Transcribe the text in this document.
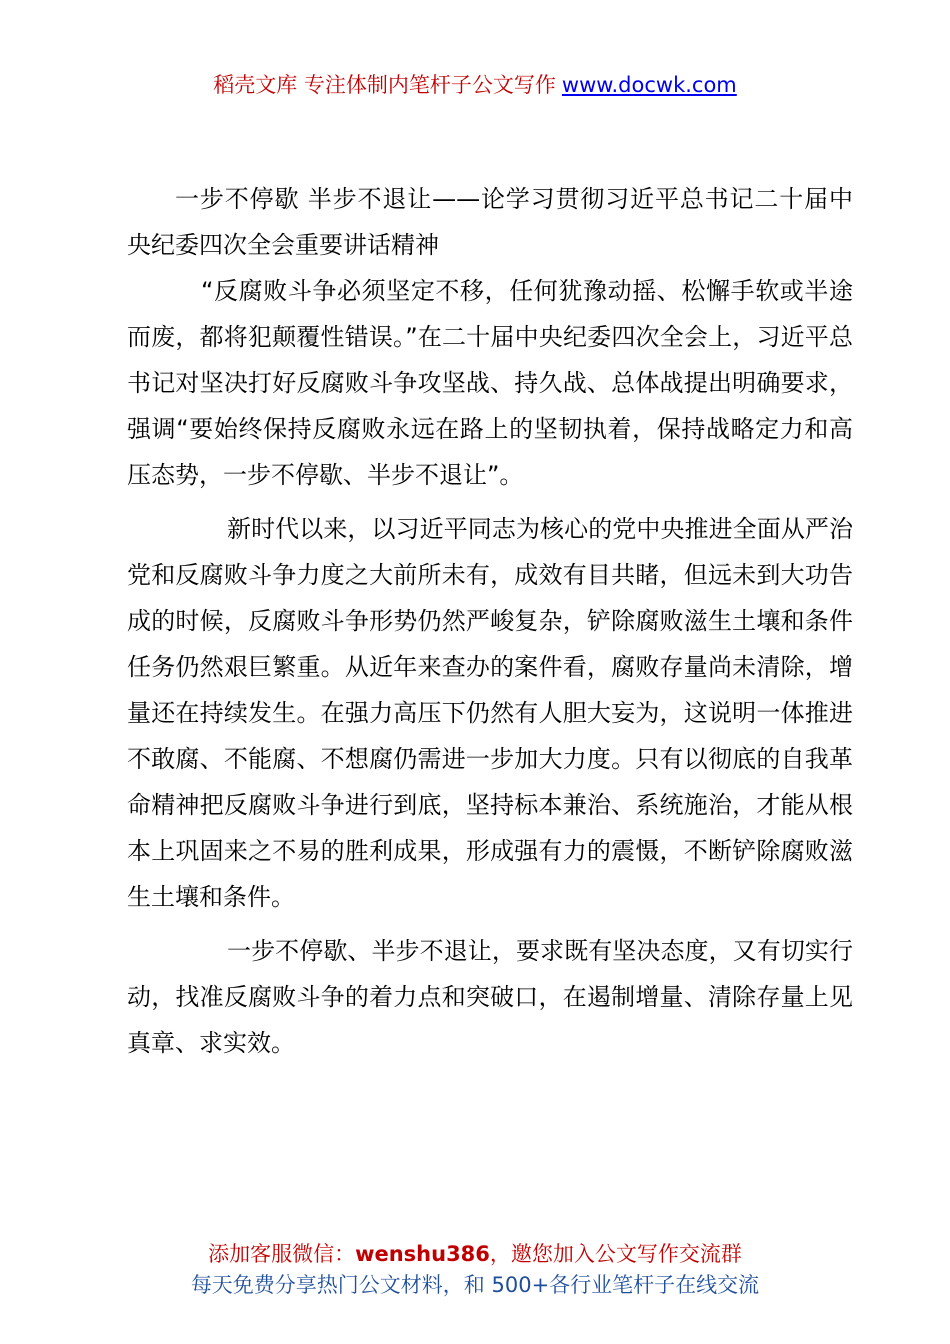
稻壳文库 专注体制内笔杆子公文写作 www.docwk.com

一步不停歇 半步不退让——论学习贯彻习近平总书记二十届中央纪委四次全会重要讲话精神

“反腐败斗争必须坚定不移，任何犹豫动摇、松懈手软或半途而废，都将犯颠覆性错误。”在二十届中央纪委四次全会上，习近平总书记对坚决打好反腐败斗争攻坚战、持久战、总体战提出明确要求，强调“要始终保持反腐败永远在路上的坚韧执着，保持战略定力和高压态势，一步不停歇、半步不退让”。

新时代以来，以习近平同志为核心的党中央推进全面从严治党和反腐败斗争力度之大前所未有，成效有目共睹，但远未到大功告成的时候，反腐败斗争形势仍然严峻复杂，铲除腐败滋生土壤和条件任务仍然艰巨繁重。从近年来查办的案件看，腐败存量尚未清除，增量还在持续发生。在强力高压下仍然有人胆大妄为，这说明一体推进不敢腐、不能腐、不想腐仍需进一步加大力度。只有以彻底的自我革命精神把反腐败斗争进行到底，坚持标本兼治、系统施治，才能从根本上巩固来之不易的胜利成果，形成强有力的震慑，不断铲除腐败滋生土壤和条件。

一步不停歇、半步不退让，要求既有坚决态度，又有切实行动，找准反腐败斗争的着力点和突破口，在遏制增量、清除存量上见真章、求实效。

添加客服微信：wenshu386，邀您加入公文写作交流群
每天免费分享热门公文材料，和 500+各行业笔杆子在线交流
